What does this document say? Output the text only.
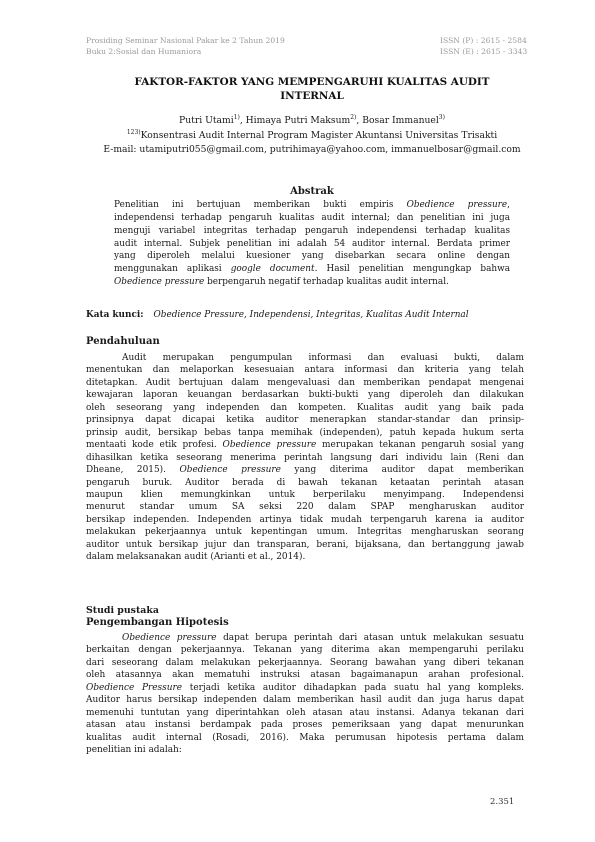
Prosiding Seminar Nasional Pakar ke 2 Tahun 2019
Buku 2:Sosial dan Humaniora
ISSN (P) : 2615 - 2584
ISSN (E) : 2615 - 3343
FAKTOR-FAKTOR YANG MEMPENGARUHI KUALITAS AUDIT
INTERNAL
Putri Utami$^{1)}$, Himaya Putri Maksum$^{2)}$, Bosar Immanuel$^{3)}$
$^{123)}$Konsentrasi Audit Internal Program Magister Akuntansi Universitas Trisakti
E-mail: utamiputri055@gmail.com, putrihimaya@yahoo.com, immanuelbosar@gmail.com
Abstrak
Penelitian ini bertujuan memberikan bukti empiris Obedience pressure,
independensi terhadap pengaruh kualitas audit internal; dan penelitian ini juga
menguji variabel integritas terhadap pengaruh independensi terhadap kualitas
audit internal. Subjek penelitian ini adalah 54 auditor internal. Berdata primer
yang diperoleh melalui kuesioner yang disebarkan secara online dengan
menggunakan aplikasi google document. Hasil penelitian mengungkap bahwa
Obedience pressure berpengaruh negatif terhadap kualitas audit internal.
Kata kunci: Obedience Pressure, Independensi, Integritas, Kualitas Audit Internal
Pendahuluan
Audit merupakan pengumpulan informasi dan evaluasi bukti, dalam
menentukan dan melaporkan kesesuaian antara informasi dan kriteria yang telah
ditetapkan. Audit bertujuan dalam mengevaluasi dan memberikan pendapat mengenai
kewajaran laporan keuangan berdasarkan bukti-bukti yang diperoleh dan dilakukan
oleh seseorang yang independen dan kompeten. Kualitas audit yang baik pada
prinsipnya dapat dicapai ketika auditor menerapkan standar-standar dan prinsip-
prinsip audit, bersikap bebas tanpa memihak (independen), patuh kepada hukum serta
mentaati kode etik profesi. Obedience pressure merupakan tekanan pengaruh sosial yang
dihasilkan ketika seseorang menerima perintah langsung dari individu lain (Reni dan
Dheane, 2015). Obedience pressure yang diterima auditor dapat memberikan
pengaruh buruk. Auditor berada di bawah tekanan ketaatan perintah atasan
maupun klien memungkinkan untuk berperilaku menyimpang. Independensi
menurut standar umum SA seksi 220 dalam SPAP mengharuskan auditor
bersikap independen. Independen artinya tidak mudah terpengaruh karena ia auditor
melakukan pekerjaannya untuk kepentingan umum. Integritas mengharuskan seorang
auditor untuk bersikap jujur dan transparan, berani, bijaksana, dan bertanggung jawab
dalam melaksanakan audit (Arianti et al., 2014).
Studi pustaka
Pengembangan Hipotesis
Obedience pressure dapat berupa perintah dari atasan untuk melakukan sesuatu
berkaitan dengan pekerjaannya. Tekanan yang diterima akan mempengaruhi perilaku
dari seseorang dalam melakukan pekerjaannya. Seorang bawahan yang diberi tekanan
oleh atasannya akan mematuhi instruksi atasan bagaimanapun arahan profesional.
Obedience Pressure terjadi ketika auditor dihadapkan pada suatu hal yang kompleks.
Auditor harus bersikap independen dalam memberikan hasil audit dan juga harus dapat
memenuhi tuntutan yang diperintahkan oleh atasan atau instansi. Adanya tekanan dari
atasan atau instansi berdampak pada proses pemeriksaan yang dapat menurunkan
kualitas audit internal (Rosadi, 2016). Maka perumusan hipotesis pertama dalam
penelitian ini adalah:
2.351
